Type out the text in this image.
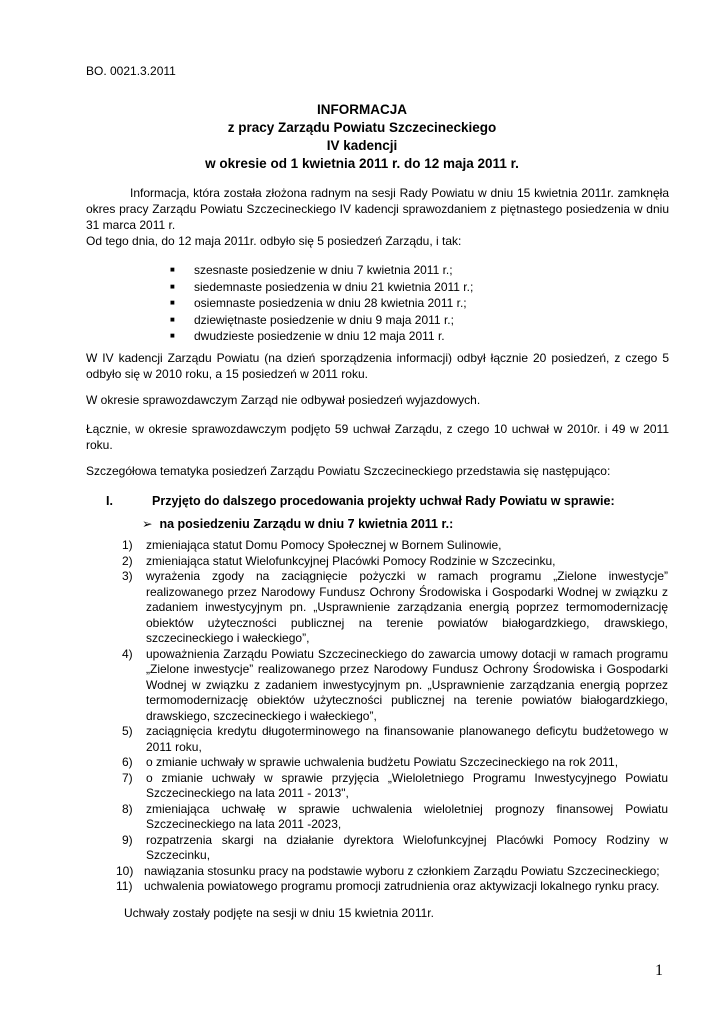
BO. 0021.3.2011
INFORMACJA
z pracy Zarządu Powiatu Szczecineckiego
IV kadencji
w okresie od 1 kwietnia 2011 r. do 12 maja 2011 r.
Informacja, która została złożona radnym na sesji Rady Powiatu w dniu 15 kwietnia 2011r. zamknęła okres pracy Zarządu Powiatu Szczecineckiego IV kadencji sprawozdaniem z piętnastego posiedzenia w dniu 31 marca 2011 r.
Od tego dnia, do 12 maja 2011r. odbyło się 5 posiedzeń Zarządu, i tak:
■ szesnaste posiedzenie w dniu 7 kwietnia 2011 r.;
■ siedemnaste posiedzenia w dniu 21 kwietnia 2011 r.;
■ osiemnaste posiedzenia w dniu 28 kwietnia 2011 r.;
■ dziewiętnaste posiedzenie w dniu 9 maja 2011 r.;
■ dwudzieste posiedzenie w dniu 12 maja 2011 r.
W IV kadencji Zarządu Powiatu (na dzień sporządzenia informacji) odbył łącznie 20 posiedzeń, z czego 5 odbyło się w 2010 roku, a 15 posiedzeń w 2011 roku.
W okresie sprawozdawczym Zarząd nie odbywał posiedzeń wyjazdowych.
Łącznie, w okresie sprawozdawczym podjęto 59 uchwał Zarządu, z czego 10 uchwał w 2010r. i 49 w 2011 roku.
Szczegółowa tematyka posiedzeń Zarządu Powiatu Szczecineckiego przedstawia się następująco:
I.	Przyjęto do dalszego procedowania projekty uchwał Rady Powiatu w sprawie:
➢ na posiedzeniu Zarządu w dniu 7 kwietnia 2011 r.:
1) zmieniająca statut Domu Pomocy Społecznej w Bornem Sulinowie,
2) zmieniająca statut Wielofunkcyjnej Placówki Pomocy Rodzinie w Szczecinku,
3) wyrażenia zgody na zaciągnięcie pożyczki w ramach programu „Zielone inwestycje” realizowanego przez Narodowy Fundusz Ochrony Środowiska i Gospodarki Wodnej w związku z zadaniem inwestycyjnym pn. „Usprawnienie zarządzania energią poprzez termomodernizację obiektów użyteczności publicznej na terenie powiatów białogardzkiego, drawskiego, szczecineckiego i wałeckiego”,
4) upoważnienia Zarządu Powiatu Szczecineckiego do zawarcia umowy dotacji w ramach programu „Zielone inwestycje” realizowanego przez Narodowy Fundusz Ochrony Środowiska i Gospodarki Wodnej w związku z zadaniem inwestycyjnym pn. „Usprawnienie zarządzania energią poprzez termomodernizację obiektów użyteczności publicznej na terenie powiatów białogardzkiego, drawskiego, szczecineckiego i wałeckiego”,
5) zaciągnięcia kredytu długoterminowego na finansowanie planowanego deficytu budżetowego w 2011 roku,
6) o zmianie uchwały w sprawie uchwalenia budżetu Powiatu Szczecineckiego na rok 2011,
7) o zmianie uchwały w sprawie przyjęcia „Wieloletniego Programu Inwestycyjnego Powiatu Szczecineckiego na lata 2011 - 2013",
8) zmieniająca uchwałę w sprawie uchwalenia wieloletniej prognozy finansowej Powiatu Szczecineckiego na lata 2011 -2023,
9) rozpatrzenia skargi na działanie dyrektora Wielofunkcyjnej Placówki Pomocy Rodziny w Szczecinku,
10) nawiązania stosunku pracy na podstawie wyboru z członkiem Zarządu Powiatu Szczecineckiego;
11) uchwalenia powiatowego programu promocji zatrudnienia oraz aktywizacji lokalnego rynku pracy.
Uchwały zostały podjęte na sesji w dniu 15 kwietnia 2011r.
1
